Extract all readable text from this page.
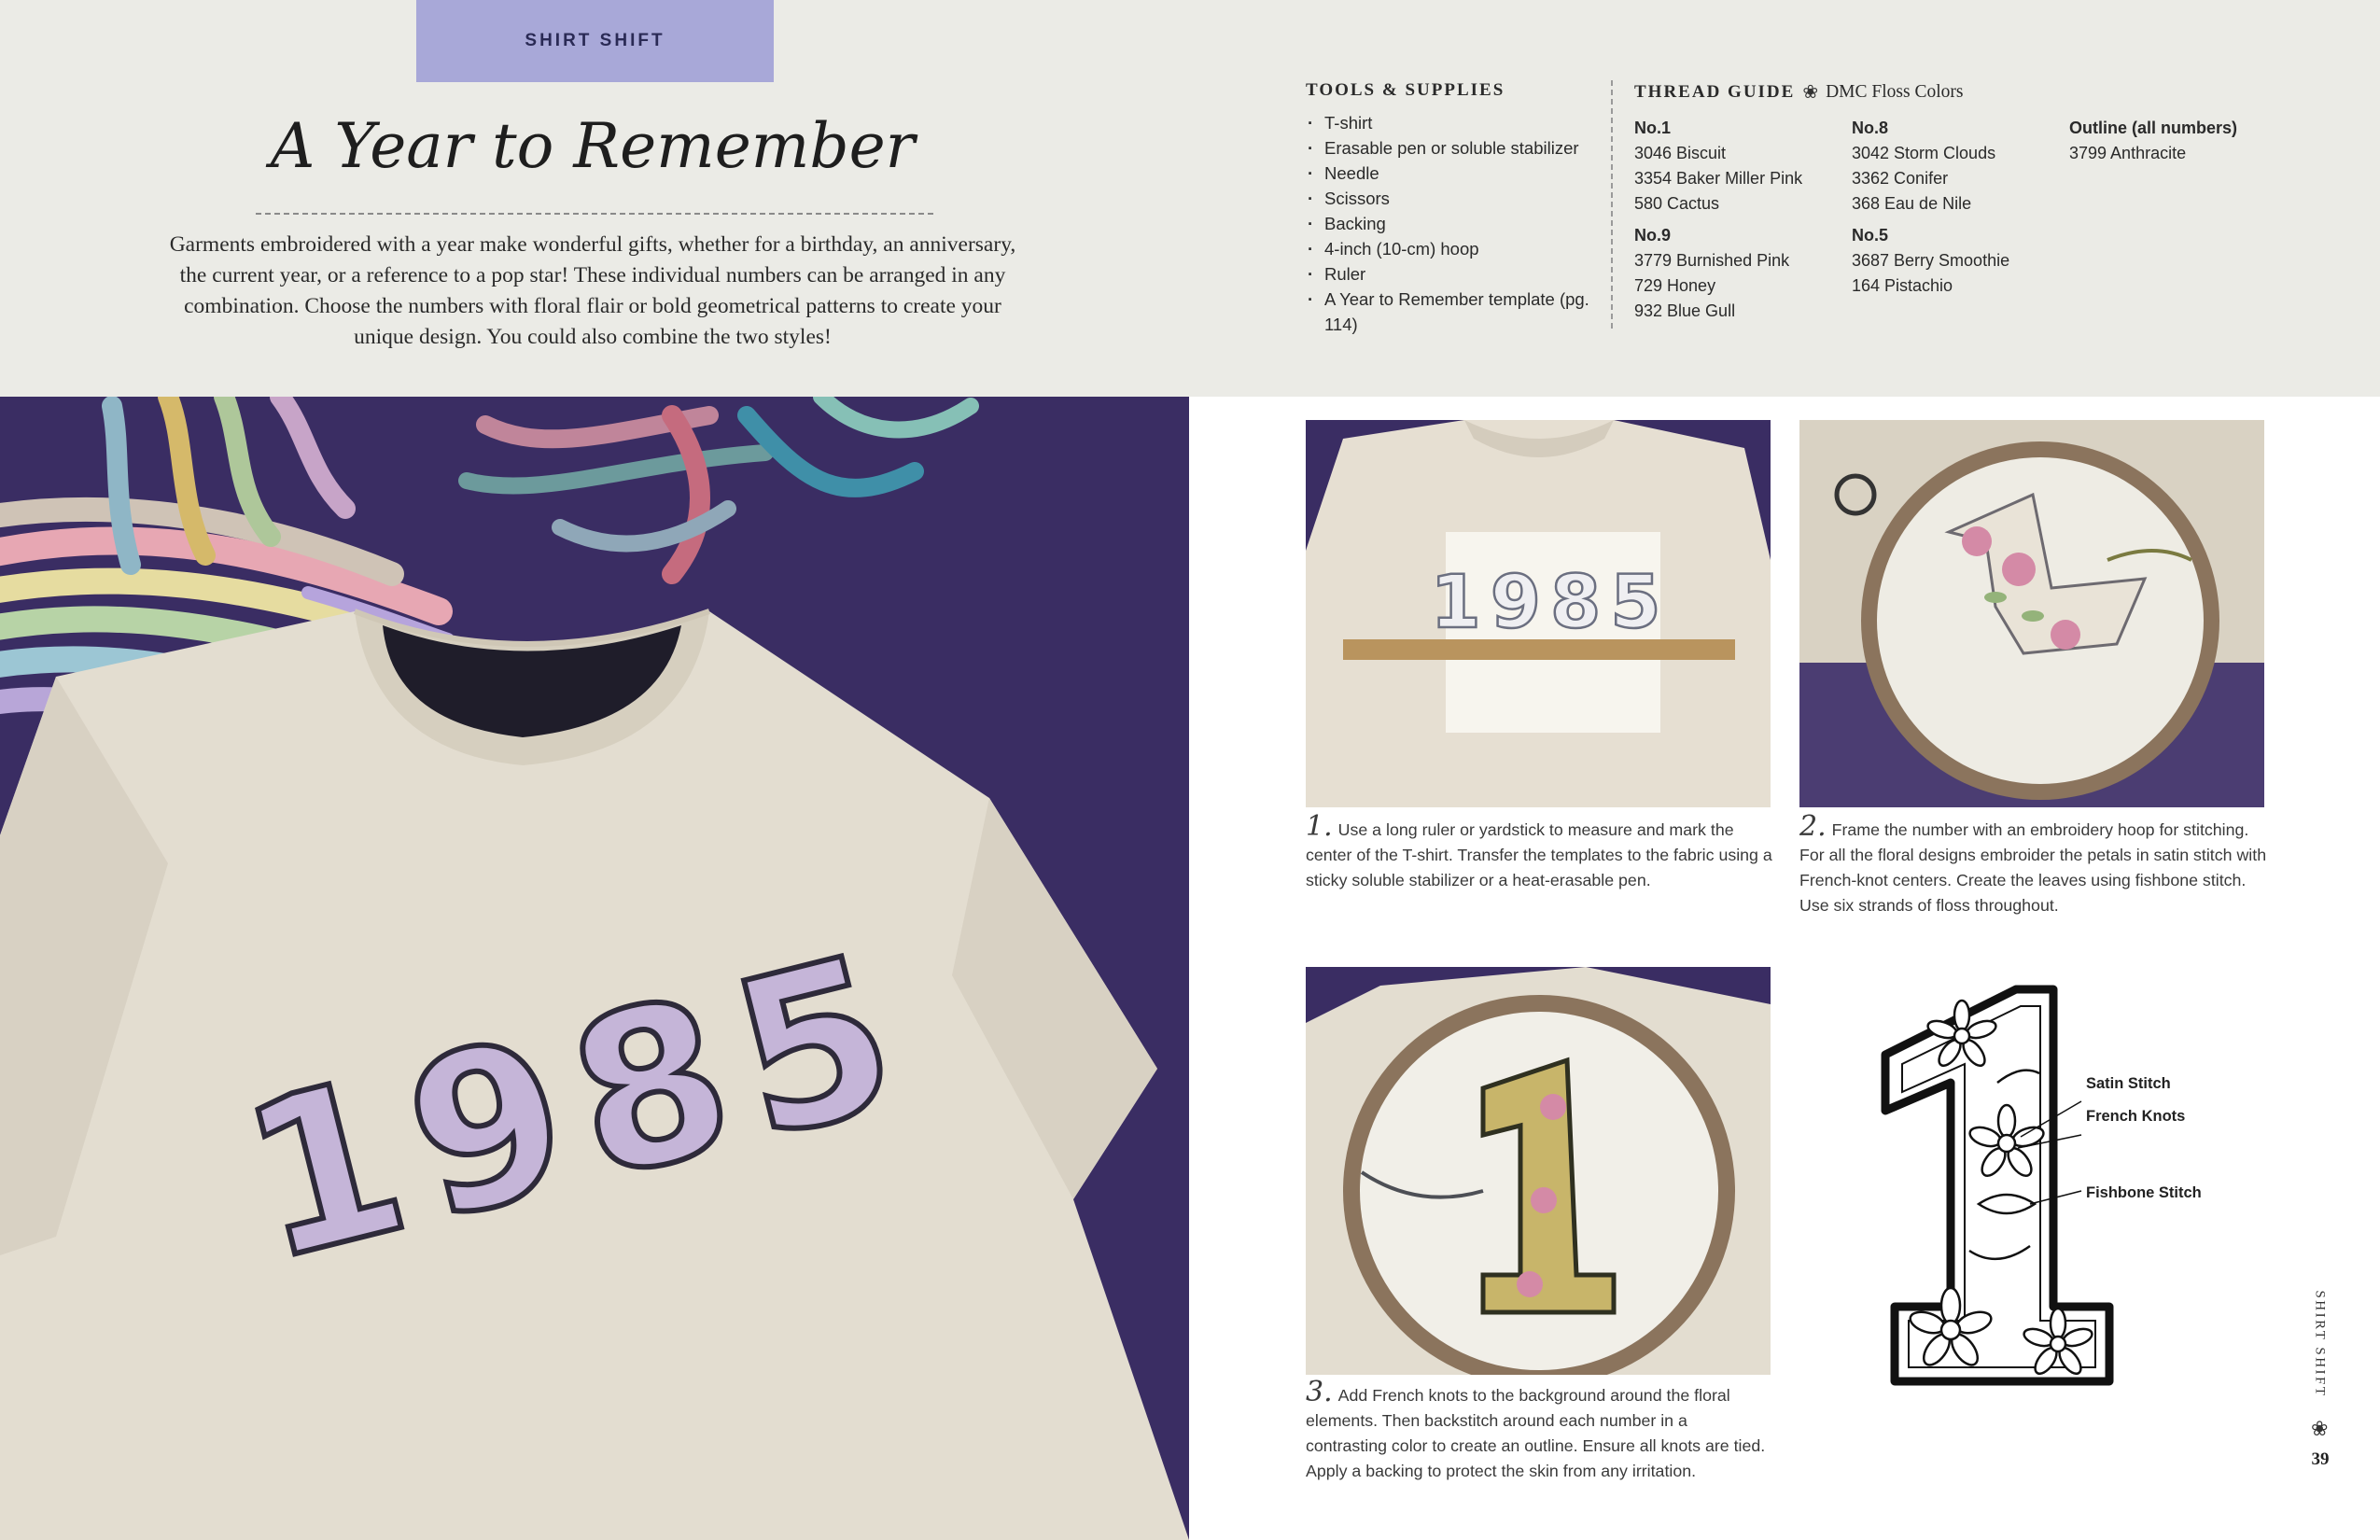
SHIRT SHIFT
A Year to Remember
Garments embroidered with a year make wonderful gifts, whether for a birthday, an anniversary, the current year, or a reference to a pop star! These individual numbers can be arranged in any combination. Choose the numbers with floral flair or bold geometrical patterns to create your unique design. You could also combine the two styles!
TOOLS & SUPPLIES
· T-shirt
· Erasable pen or soluble stabilizer
· Needle
· Scissors
· Backing
· 4-inch (10-cm) hoop
· Ruler
· A Year to Remember template (pg. 114)
THREAD GUIDE ❀ DMC Floss Colors
No.1
3046 Biscuit
3354 Baker Miller Pink
580 Cactus
No.9
3779 Burnished Pink
729 Honey
932 Blue Gull
No.8
3042 Storm Clouds
3362 Conifer
368 Eau de Nile
No.5
3687 Berry Smoothie
164 Pistachio
Outline (all numbers)
3799 Anthracite
1985
1985
1. Use a long ruler or yardstick to measure and mark the center of the T-shirt. Transfer the templates to the fabric using a sticky soluble stabilizer or a heat-erasable pen.
2. Frame the number with an embroidery hoop for stitching. For all the floral designs embroider the petals in satin stitch with French-knot centers. Create the leaves using fishbone stitch. Use six strands of floss throughout.
3. Add French knots to the background around the floral elements. Then backstitch around each number in a contrasting color to create an outline. Ensure all knots are tied. Apply a backing to protect the skin from any irritation.
Satin Stitch
French Knots
Fishbone Stitch
SHIRT SHIFT
❀
39
